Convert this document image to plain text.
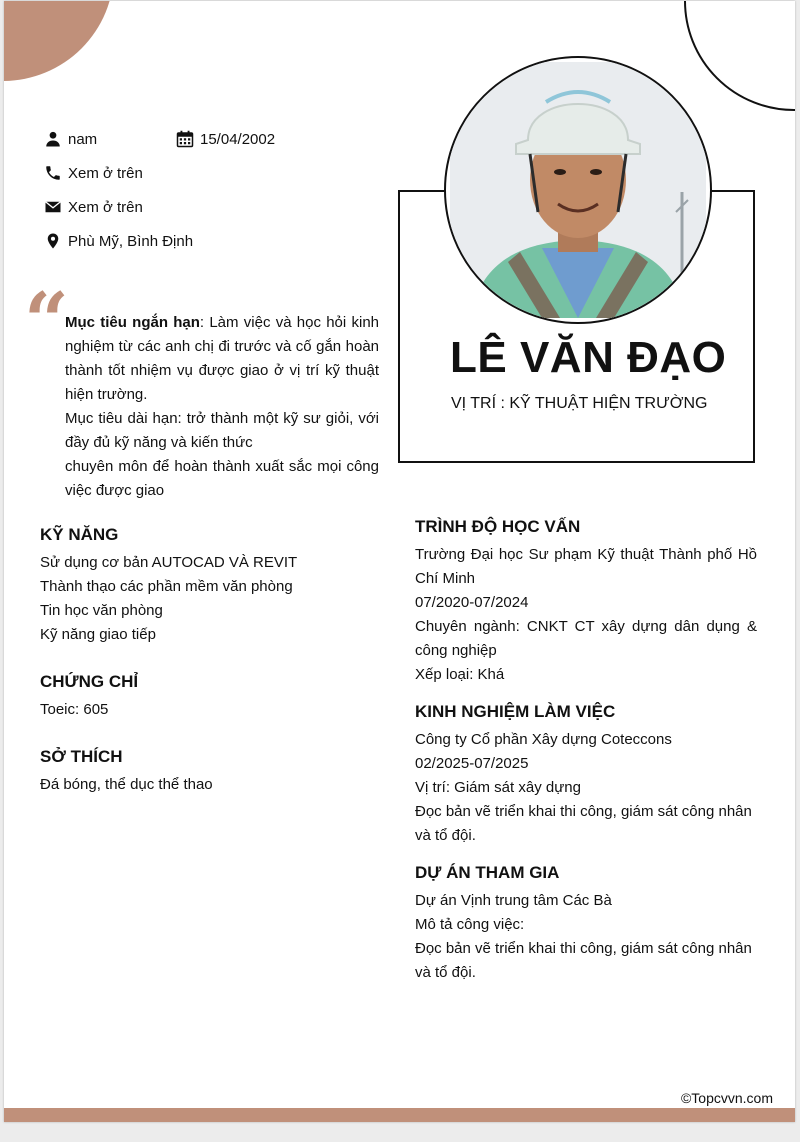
nam	15/04/2002
Xem ở trên
Xem ở trên
Phù Mỹ, Bình Định
“

Mục tiêu ngắn hạn: Làm việc và học hỏi kinh nghiệm từ các anh chị đi trước và cố gắn hoàn thành tốt nhiệm vụ được giao ở vị trí kỹ thuật hiện trường.

Mục tiêu dài hạn: trở thành một kỹ sư giỏi, với đầy đủ kỹ năng và kiến thức

chuyên môn để hoàn thành xuất sắc mọi công việc được giao

LÊ VĂN ĐẠO
VỊ TRÍ : KỸ THUẬT HIỆN TRƯỜNG
KỸ NĂNG
Sử dụng cơ bản AUTOCAD VÀ REVIT
Thành thạo các phần mềm văn phòng
Tin học văn phòng
Kỹ năng giao tiếp
CHỨNG CHỈ
Toeic: 605
SỞ THÍCH
Đá bóng, thể dục thể thao
TRÌNH ĐỘ HỌC VẤN
Trường Đại học Sư phạm Kỹ thuật Thành phố Hồ Chí Minh
07/2020-07/2024
Chuyên ngành: CNKT CT xây dựng dân dụng & công nghiệp
Xếp loại: Khá
KINH NGHIỆM LÀM VIỆC
Công ty Cổ phần Xây dựng Coteccons
02/2025-07/2025
Vị trí: Giám sát xây dựng
Đọc bản vẽ triển khai thi công, giám sát công nhân và tổ đội.
DỰ ÁN THAM GIA
Dự án Vịnh trung tâm Các Bà
Mô tả công việc:
Đọc bản vẽ triển khai thi công, giám sát công nhân và tổ đội.
©Topcvvn.com
